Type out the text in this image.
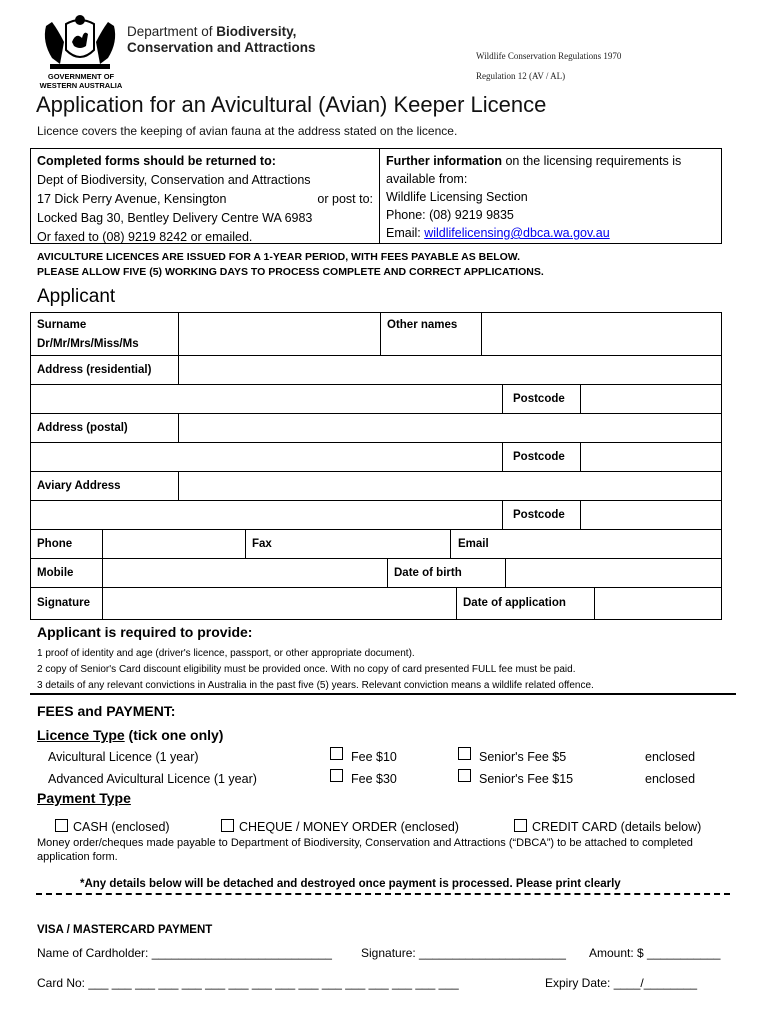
GOVERNMENT OF
WESTERN AUSTRALIA
Department of Biodiversity,
Conservation and Attractions
Wildlife Conservation Regulations 1970
Regulation 12 (AV / AL)
Application for an Avicultural (Avian) Keeper Licence
Licence covers the keeping of avian fauna at the address stated on the licence.
Completed forms should be returned to:
Dept of Biodiversity, Conservation and Attractions
17 Dick Perry Avenue, Kensington	or post to:
Locked Bag 30, Bentley Delivery Centre WA 6983
Or faxed to (08) 9219 8242 or emailed.
Further information on the licensing requirements is available from:
Wildlife Licensing Section
Phone: (08) 9219 9835
Email: wildlifelicensing@dbca.wa.gov.au
AVICULTURE LICENCES ARE ISSUED FOR A 1-YEAR PERIOD, WITH FEES PAYABLE AS BELOW.
PLEASE ALLOW FIVE (5) WORKING DAYS TO PROCESS COMPLETE AND CORRECT APPLICATIONS.
Applicant
Surname
Dr/Mr/Mrs/Miss/Ms
Other names
Address (residential)
Postcode
Address (postal)
Postcode
Aviary Address
Postcode
Phone	Fax	Email
Mobile	Date of birth
Signature	Date of application
Applicant is required to provide:
1 proof of identity and age (driver's licence, passport, or other appropriate document).
2 copy of Senior's Card discount eligibility must be provided once. With no copy of card presented FULL fee must be paid.
3 details of any relevant convictions in Australia in the past five (5) years. Relevant conviction means a wildlife related offence.
FEES and PAYMENT:
Licence Type (tick one only)
Avicultural Licence (1 year)	Fee $10	Senior's Fee $5	enclosed
Advanced Avicultural Licence (1 year)	Fee $30	Senior's Fee $15	enclosed
Payment Type
CASH (enclosed)	CHEQUE / MONEY ORDER (enclosed)	CREDIT CARD (details below)
Money order/cheques made payable to Department of Biodiversity, Conservation and Attractions (“DBCA”) to be attached to completed application form.
*Any details below will be detached and destroyed once payment is processed. Please print clearly
VISA / MASTERCARD PAYMENT
Name of Cardholder: ___________________________ Signature: ______________________ Amount: $ ___________
Card No: ___ ___ ___ ___ ___ ___ ___ ___ ___ ___ ___ ___ ___ ___ ___ ___	Expiry Date: ____/________
